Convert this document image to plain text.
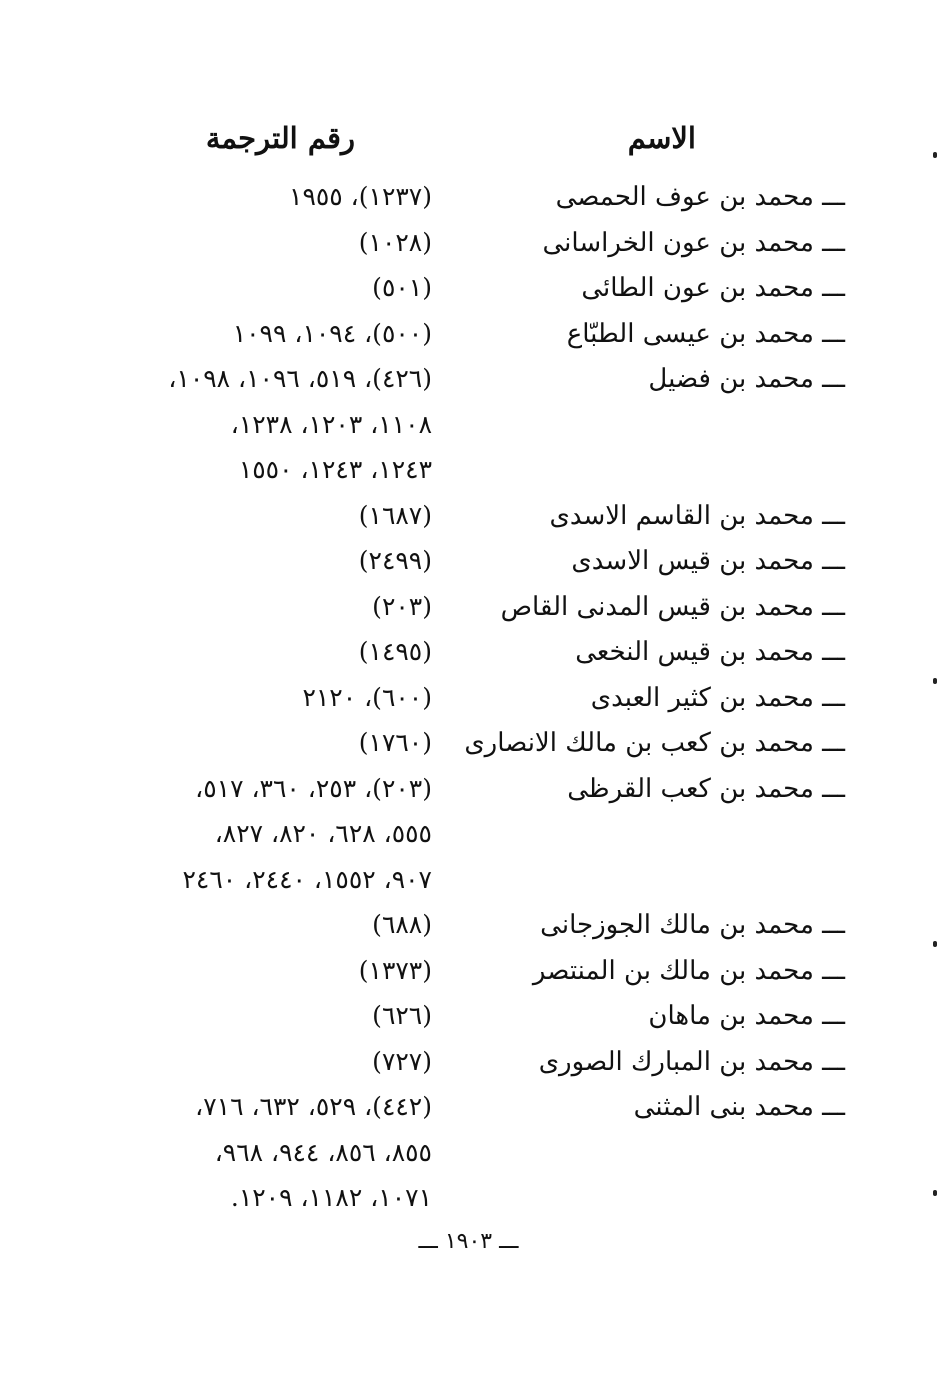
الاسم
رقم الترجمة
ـــ محمد بن عوف الحمصى
(١٢٣٧)، ١٩٥٥
ـــ محمد بن عون الخراسانى
(١٠٢٨)
ـــ محمد بن عون الطائى
(٥٠١)
ـــ محمد بن عيسى الطبّاع
(٥٠٠)، ١٠٩٤، ١٠٩٩
ـــ محمد بن فضيل
(٤٢٦)، ٥١٩، ١٠٩٦، ١٠٩٨،
١١٠٨، ١٢٠٣، ١٢٣٨،
١٢٤٣، ١٢٤٣، ١٥٥٠
ـــ محمد بن القاسم الاسدى
(١٦٨٧)
ـــ محمد بن قيس الاسدى
(٢٤٩٩)
ـــ محمد بن قيس المدنى القاص
(٢٠٣)
ـــ محمد بن قيس النخعى
(١٤٩٥)
ـــ محمد بن كثير العبدى
(٦٠٠)، ٢١٢٠
ـــ محمد بن كعب بن مالك الانصارى
(١٧٦٠)
ـــ محمد بن كعب القرظى
(٢٠٣)، ٢٥٣، ٣٦٠، ٥١٧،
٥٥٥، ٦٢٨، ٨٢٠، ٨٢٧،
٩٠٧، ١٥٥٢، ٢٤٤٠، ٢٤٦٠
ـــ محمد بن مالك الجوزجانى
(٦٨٨)
ـــ محمد بن مالك بن المنتصر
(١٣٧٣)
ـــ محمد بن ماهان
(٦٢٦)
ـــ محمد بن المبارك الصورى
(٧٢٧)
ـــ محمد بنى المثنى
(٤٤٢)، ٥٢٩، ٦٣٢، ٧١٦،
٨٥٥، ٨٥٦، ٩٤٤، ٩٦٨،
١٠٧١، ١١٨٢، ١٢٠٩.
ـــ ١٩٠٣ ـــ
